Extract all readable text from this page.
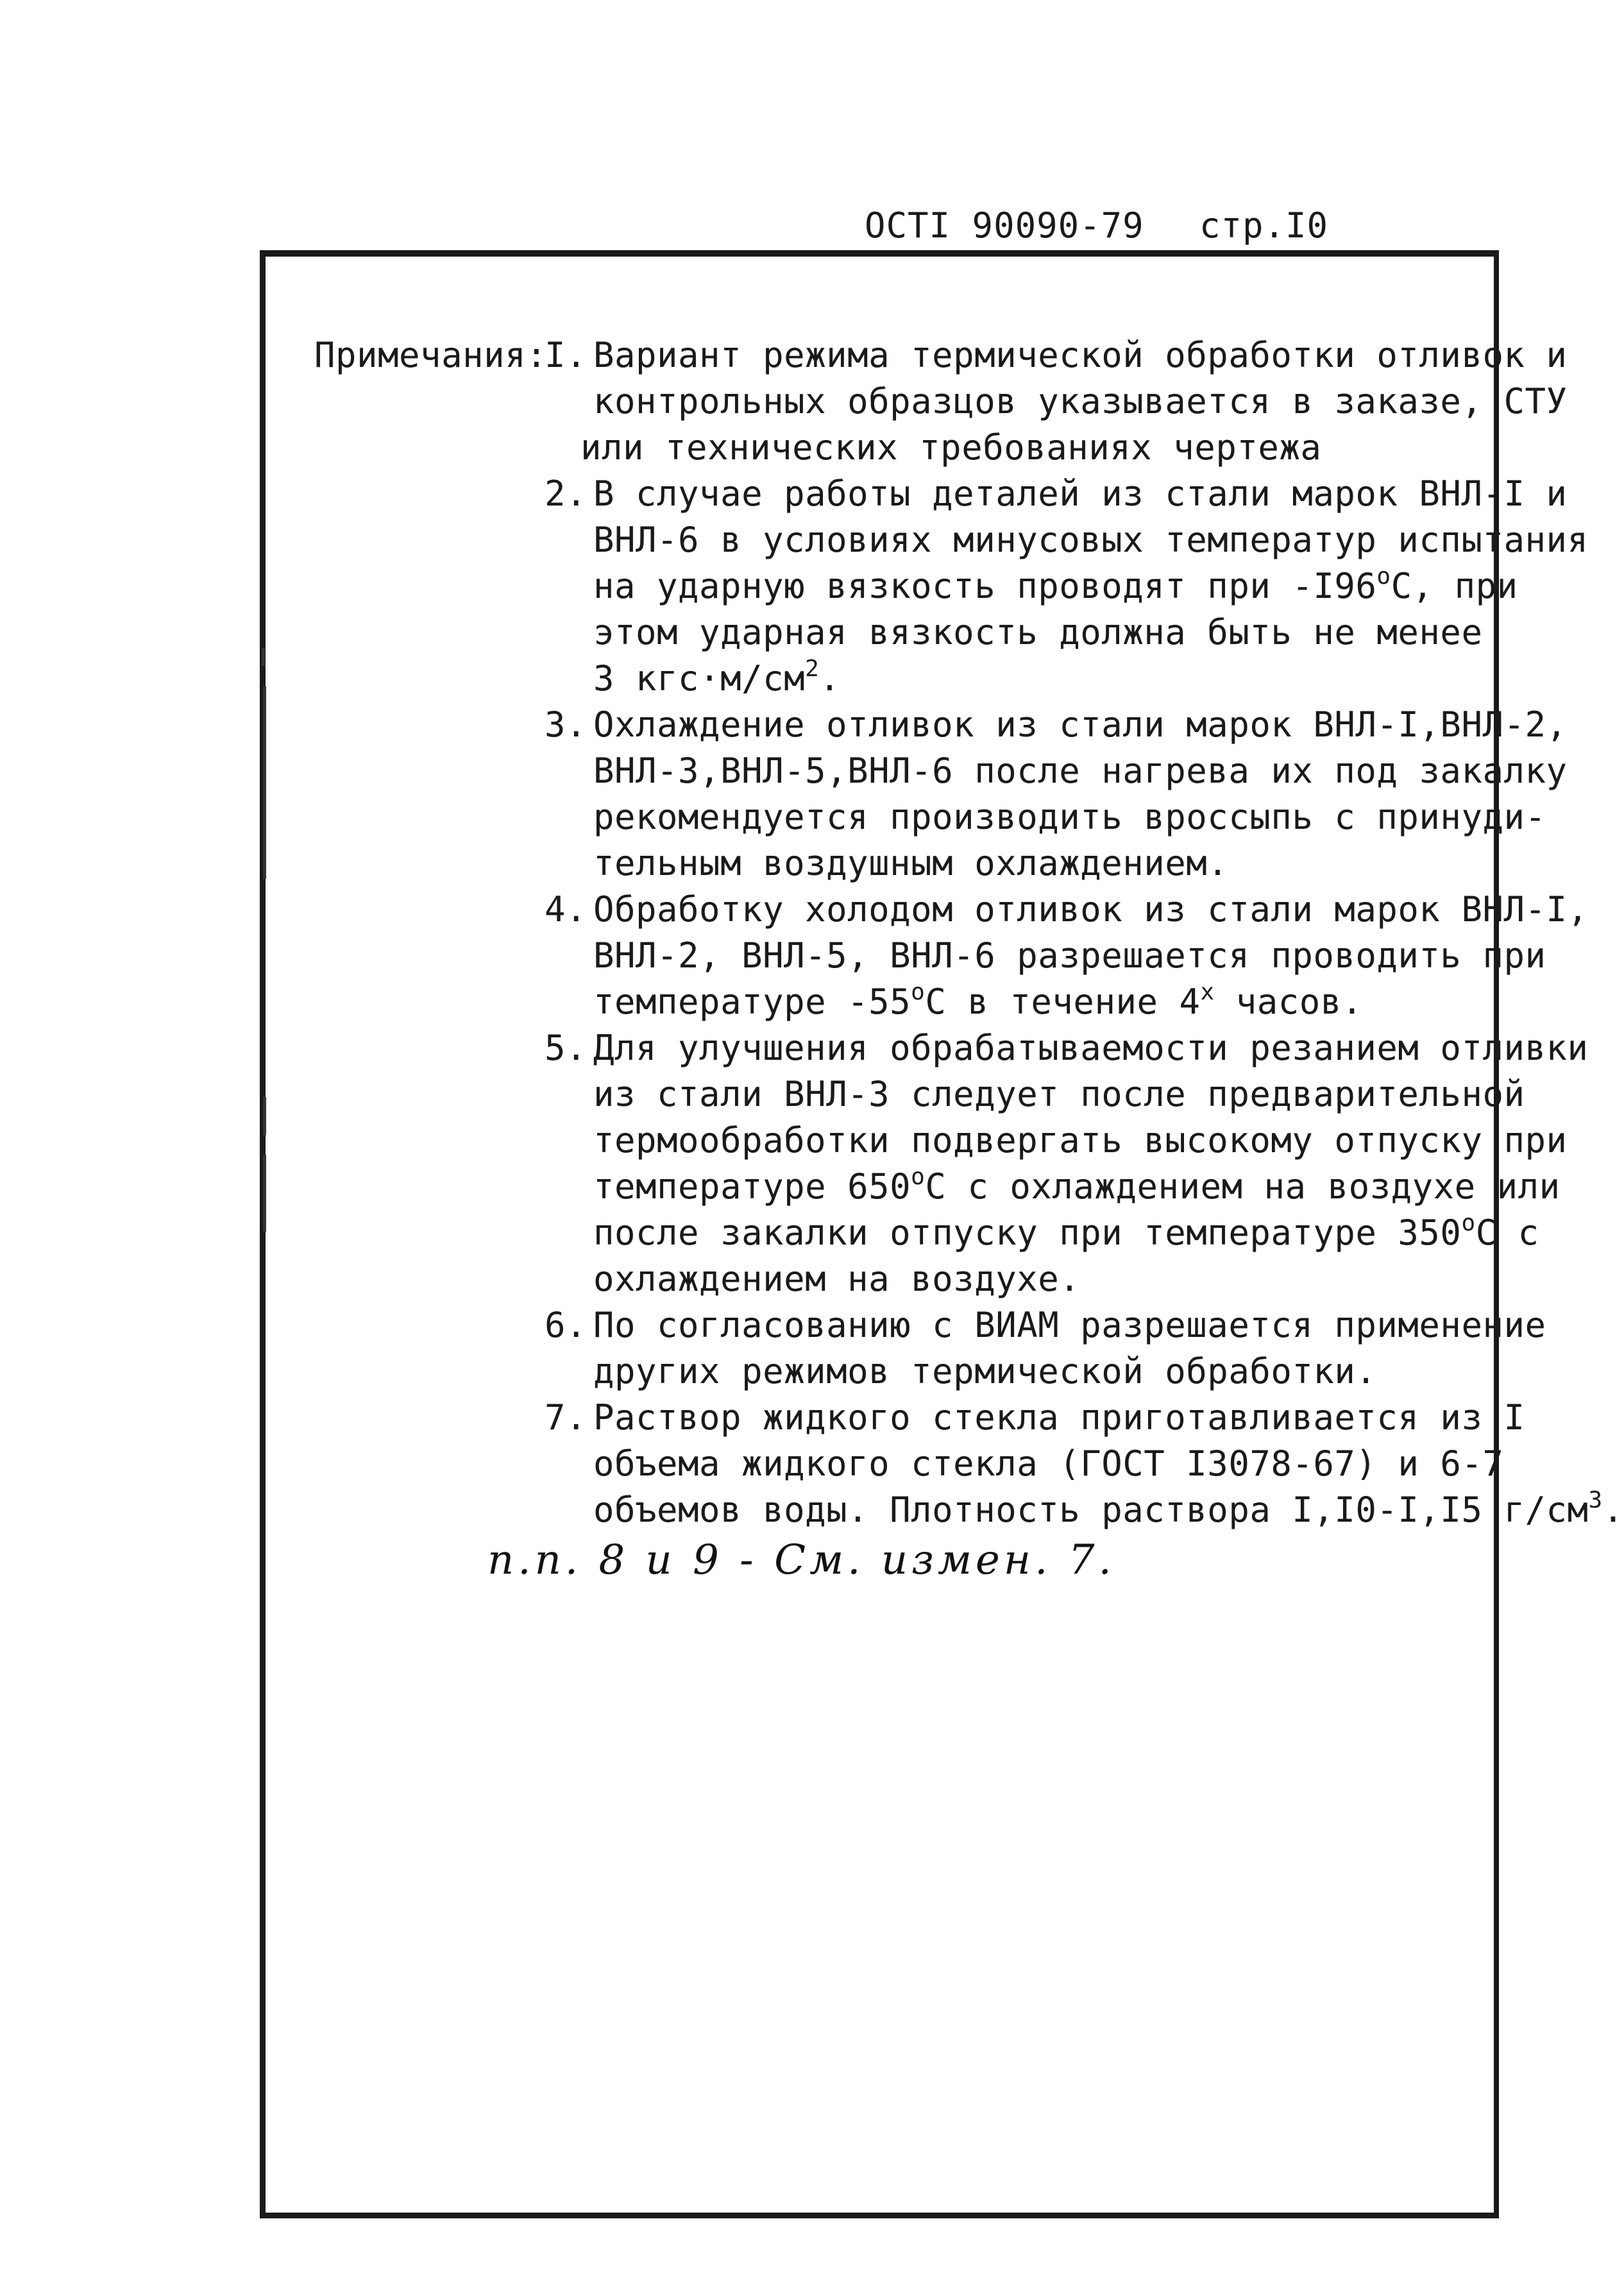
ОСТI 90090-79 стр.I0
Примечания:
I. Вариант режима термической обработки отливок и
контрольных образцов указывается в заказе, СТУ
или технических требованиях чертежа
2. В случае работы деталей из стали марок ВНЛ-I и
ВНЛ-6 в условиях минусовых температур испытания
на ударную вязкость проводят при -I96$^o$С, при
этом ударная вязкость должна быть не менее
3 $кгс\cdot м/см^2$.
3. Охлаждение отливок из стали марок ВНЛ-I,ВНЛ-2,
ВНЛ-3,ВНЛ-5,ВНЛ-6 после нагрева их под закалку
рекомендуется производить вроссыпь с принуди-
тельным воздушным охлаждением.
4. Обработку холодом отливок из стали марок ВНЛ-I,
ВНЛ-2, ВНЛ-5, ВНЛ-6 разрешается проводить при
температуре -55$^o$С в течение $4^х$ часов.
5. Для улучшения обрабатываемости резанием отливки
из стали ВНЛ-3 следует после предварительной
термообработки подвергать высокому отпуску при
температуре 650$^o$С с охлаждением на воздухе или
после закалки отпуску при температуре 350$^o$С с
охлаждением на воздухе.
6. По согласованию с ВИАМ разрешается применение
других режимов термической обработки.
7. Раствор жидкого стекла приготавливается из I
объема жидкого стекла (ГОСТ I3078-67) и 6-7
объемов воды. Плотность раствора I,I0-I,I5 $г/см^3$.
п.п. 8 и 9 - См. измен. 7.
